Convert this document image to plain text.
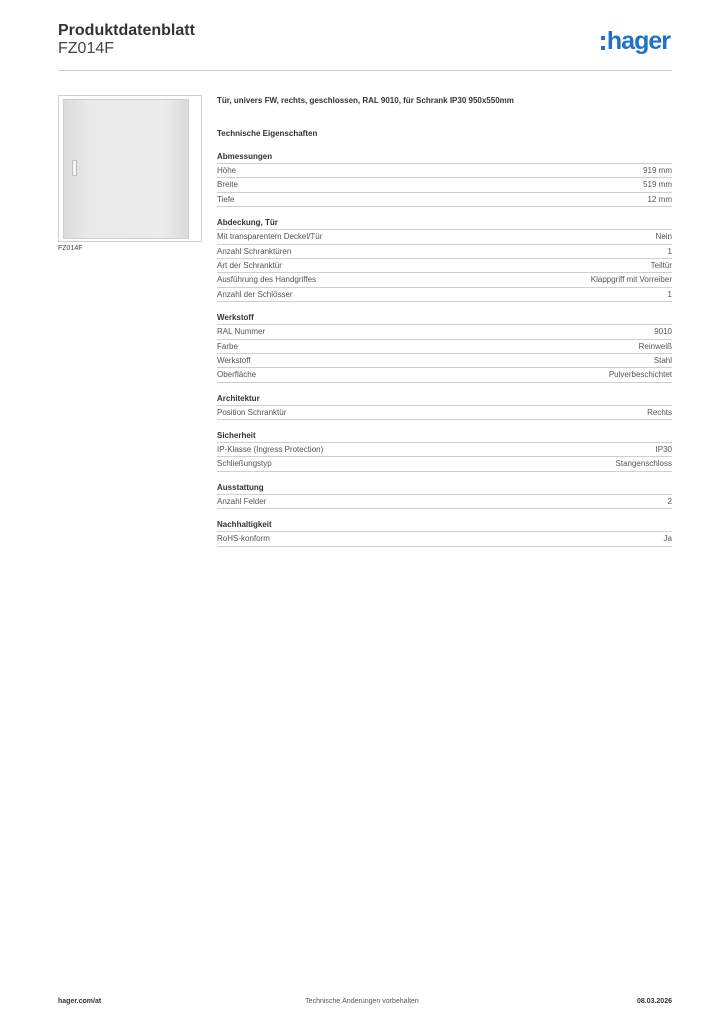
Produktdatenblatt
FZ014F	hager
FZ014F
Tür, univers FW, rechts, geschlossen, RAL 9010, für Schrank IP30 950x550mm
Technische Eigenschaften
Abmessungen
Höhe	919 mm
Breite	519 mm
Tiefe	12 mm
Abdeckung, Tür
Mit transparentem Deckel/Tür	Nein
Anzahl Schranktüren	1
Art der Schranktür	Teiltür
Ausführung des Handgriffes	Klappgriff mit Vorreiber
Anzahl der Schlösser	1
Werkstoff
RAL Nummer	9010
Farbe	Reinweiß
Werkstoff	Stahl
Oberfläche	Pulverbeschichtet
Architektur
Position Schranktür	Rechts
Sicherheit
IP-Klasse (Ingress Protection)	IP30
Schließungstyp	Stangenschloss
Ausstattung
Anzahl Felder	2
Nachhaltigkeit
RoHS-konform	Ja
hager.com/at	Technische Änderungen vorbehalten	08.03.2026
